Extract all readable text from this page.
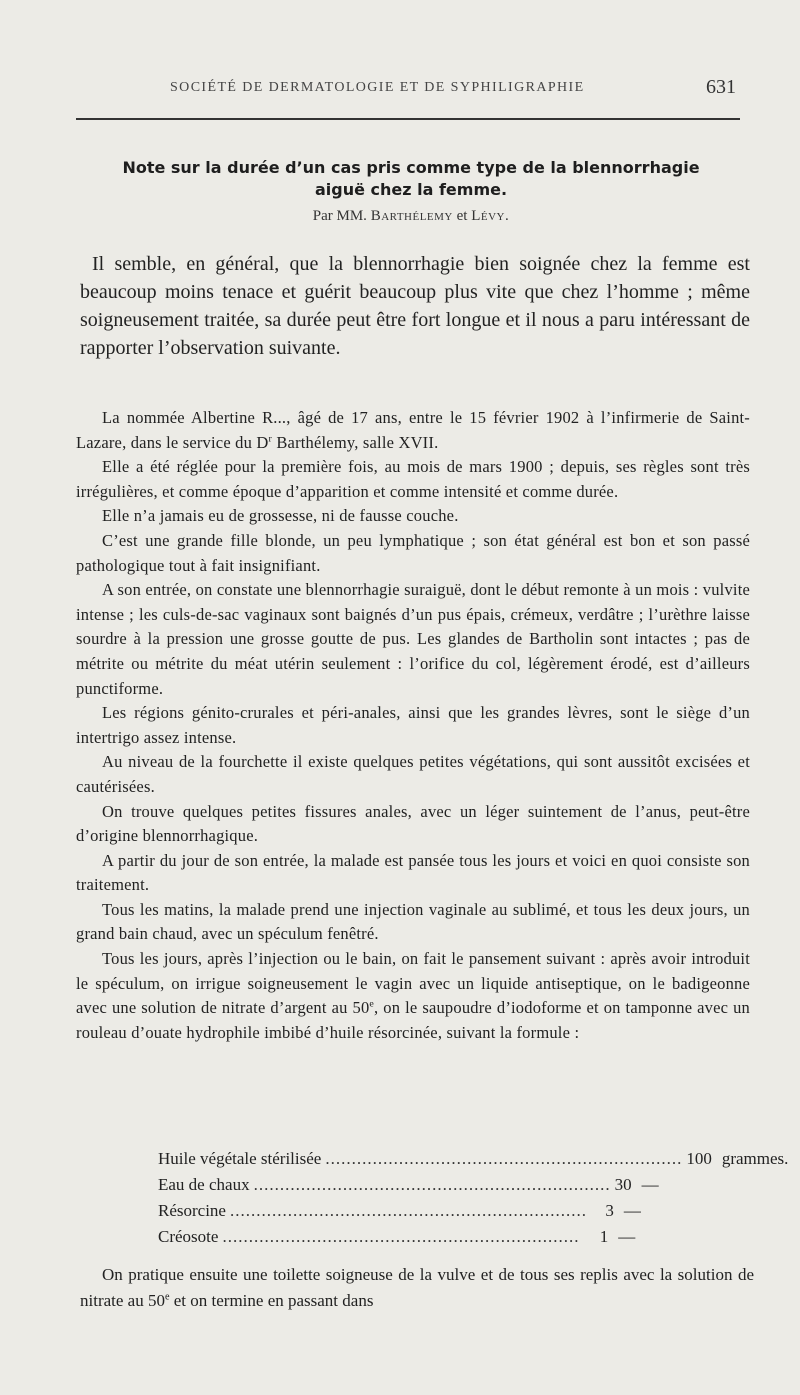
SOCIÉTÉ DE DERMATOLOGIE ET DE SYPHILIGRAPHIE	631
Note sur la durée d’un cas pris comme type de la blennorrhagie
aiguë chez la femme.
Par MM. Barthélemy et Lévy.
Il semble, en général, que la blennorrhagie bien soignée chez la femme est beaucoup moins tenace et guérit beaucoup plus vite que chez l’homme ; même soigneusement traitée, sa durée peut être fort longue et il nous a paru intéressant de rapporter l’observation suivante.

La nommée Albertine R..., âgé de 17 ans, entre le 15 février 1902 à l’infirmerie de Saint-Lazare, dans le service du $D^r$ Barthélemy, salle XVII.

Elle a été réglée pour la première fois, au mois de mars 1900 ; depuis, ses règles sont très irrégulières, et comme époque d’apparition et comme intensité et comme durée.

Elle n’a jamais eu de grossesse, ni de fausse couche.

C’est une grande fille blonde, un peu lymphatique ; son état général est bon et son passé pathologique tout à fait insignifiant.

A son entrée, on constate une blennorrhagie suraiguë, dont le début remonte à un mois : vulvite intense ; les culs-de-sac vaginaux sont baignés d’un pus épais, crémeux, verdâtre ; l’urèthre laisse sourdre à la pression une grosse goutte de pus. Les glandes de Bartholin sont intactes ; pas de métrite ou métrite du méat utérin seulement : l’orifice du col, légèrement érodé, est d’ailleurs punctiforme.

Les régions génito-crurales et péri-anales, ainsi que les grandes lèvres, sont le siège d’un intertrigo assez intense.

Au niveau de la fourchette il existe quelques petites végétations, qui sont aussitôt excisées et cautérisées.

On trouve quelques petites fissures anales, avec un léger suintement de l’anus, peut-être d’origine blennorrhagique.

A partir du jour de son entrée, la malade est pansée tous les jours et voici en quoi consiste son traitement.

Tous les matins, la malade prend une injection vaginale au sublimé, et tous les deux jours, un grand bain chaud, avec un spéculum fenêtré.

Tous les jours, après l’injection ou le bain, on fait le pansement suivant : après avoir introduit le spéculum, on irrigue soigneusement le vagin avec un liquide antiseptique, on le badigeonne avec une solution de nitrate d’argent au 50e, on le saupoudre d’iodoforme et on tamponne avec un rouleau d’ouate hydrophile imbibé d’huile résorcinée, suivant la formule :

Huile végétale stérilisée .................................................................... 100 grammes.
Eau de chaux .................................................................... 30 —
Résorcine ....................................................................	3 —
Créosote ....................................................................	1 —
On pratique ensuite une toilette soigneuse de la vulve et de tous ses replis avec la solution de nitrate au 50e et on termine en passant dans
